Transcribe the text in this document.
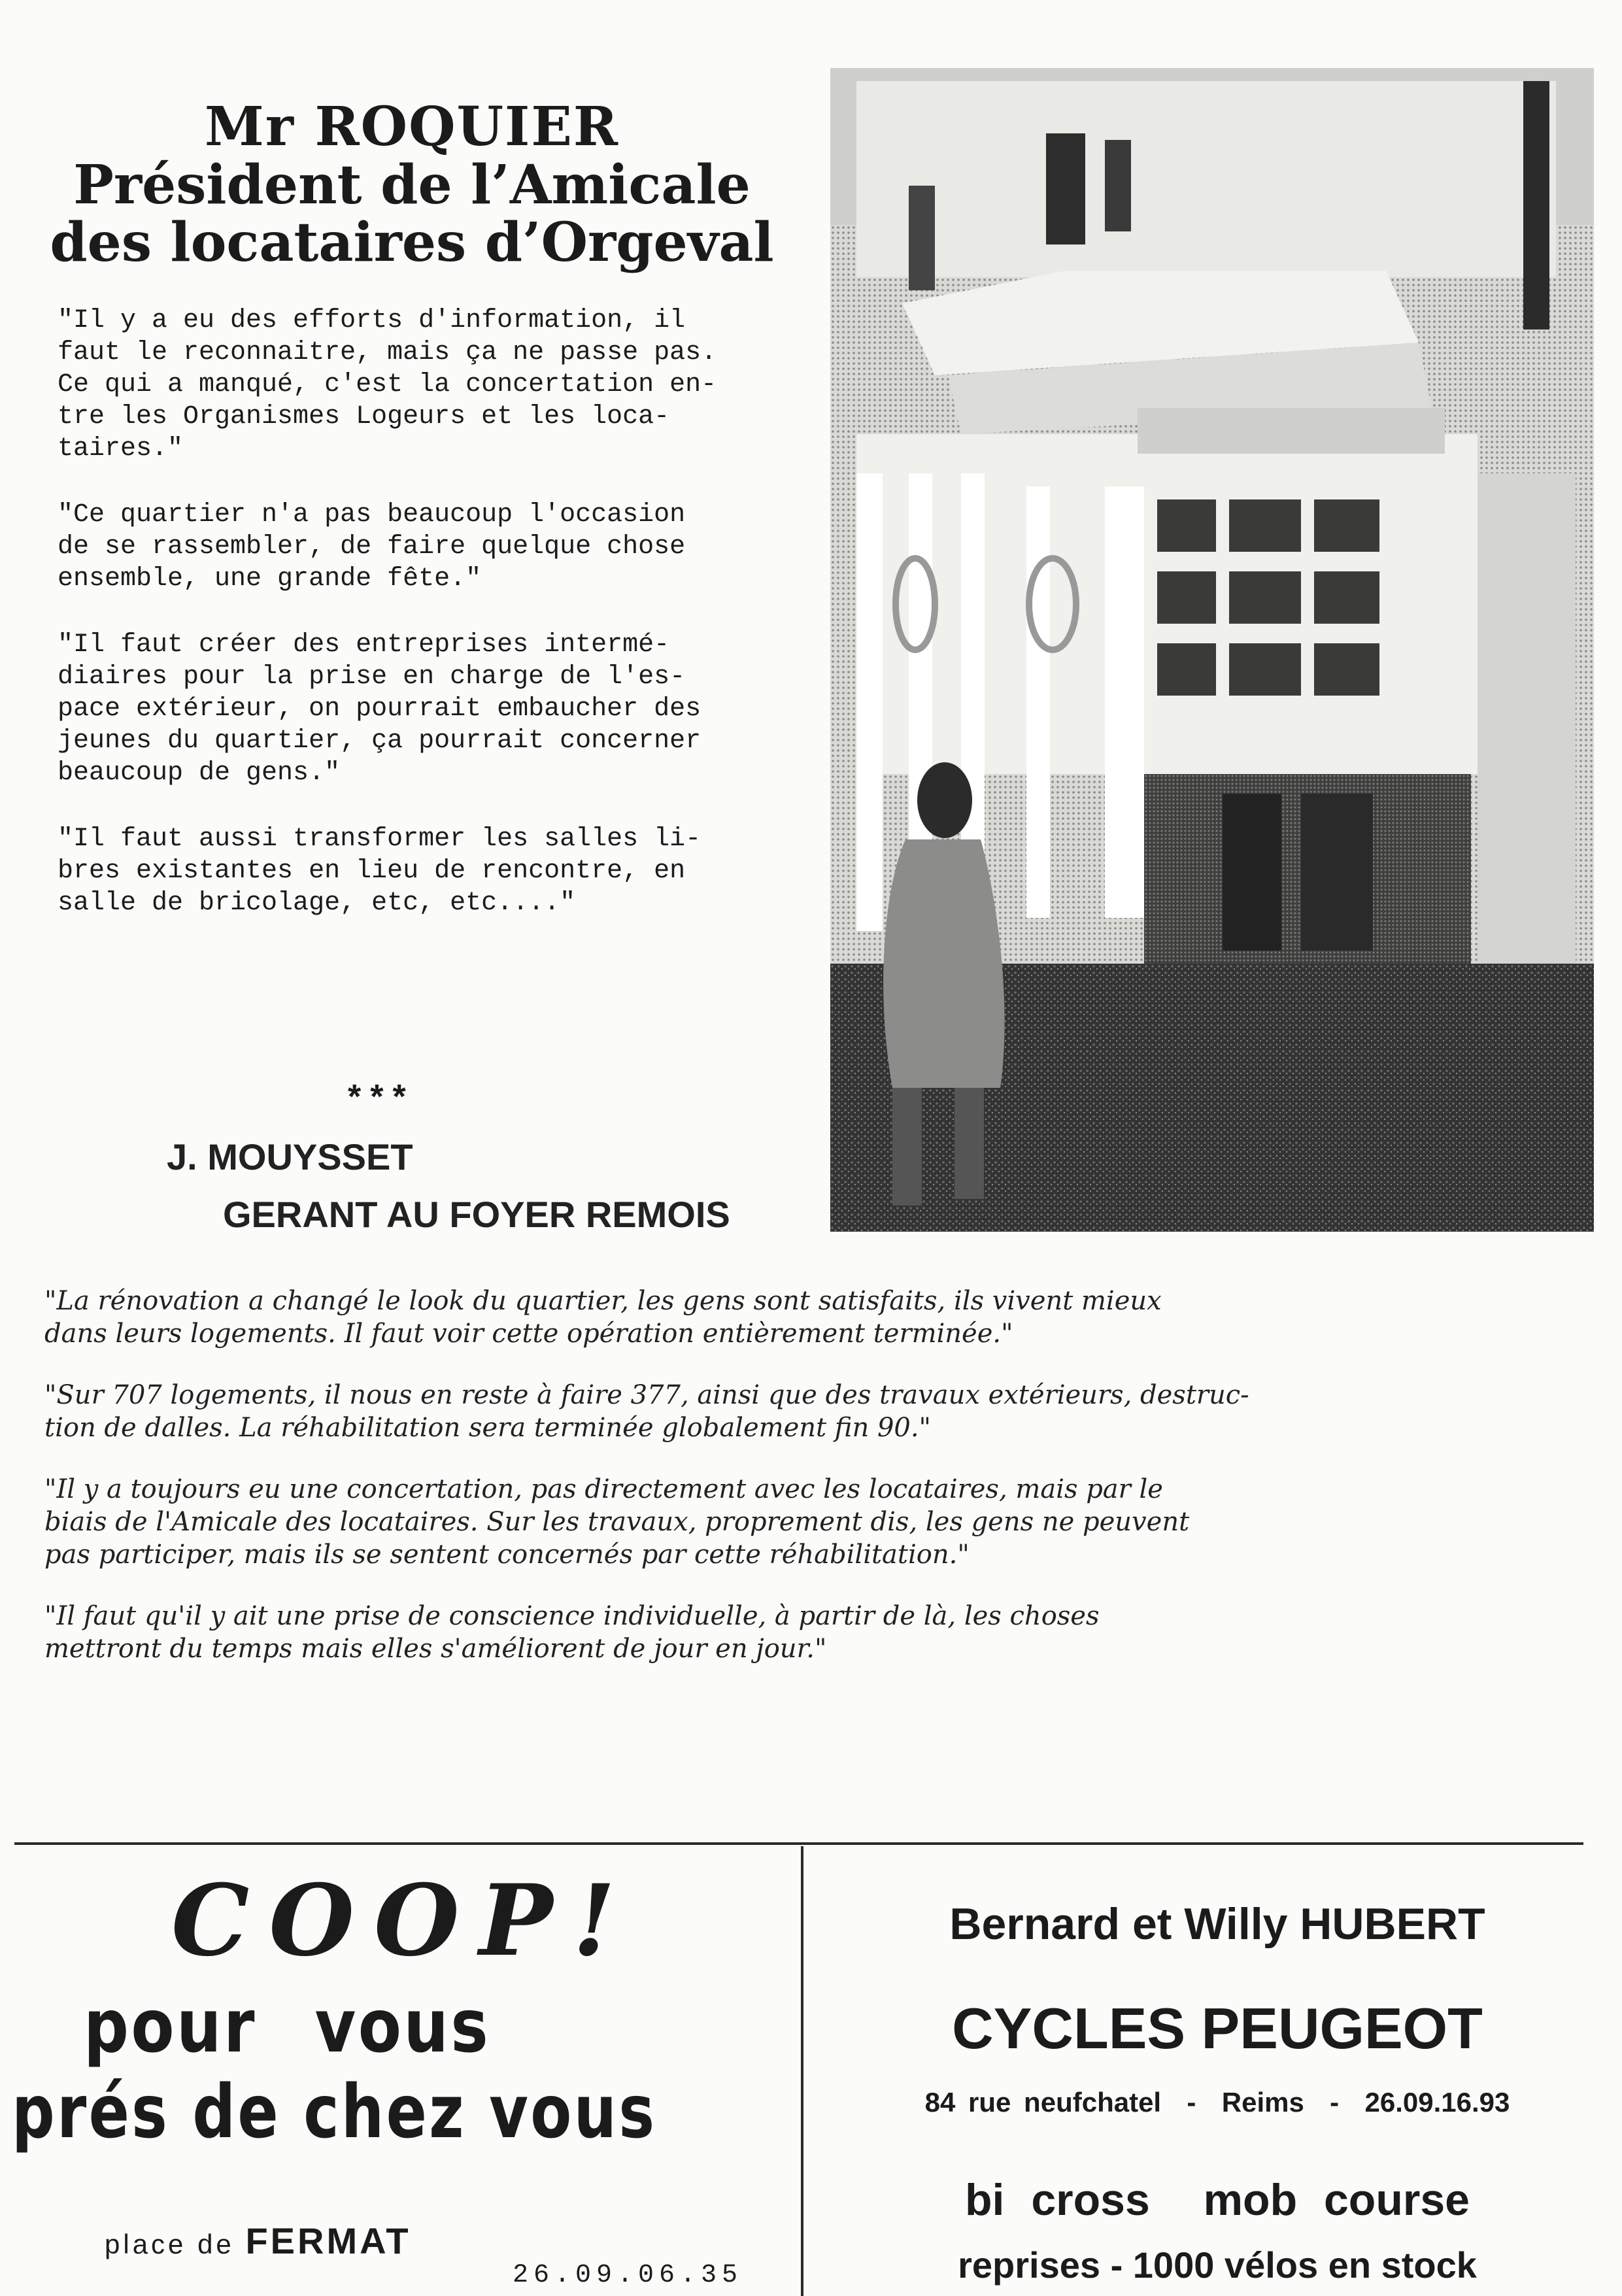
Mr ROQUIER
Président de l’Amicale
des locataires d’Orgeval

"Il y a eu des efforts d'information, il
faut le reconnaitre, mais ça ne passe pas.
Ce qui a manqué, c'est la concertation en-
tre les Organismes Logeurs et les loca-
taires."

"Ce quartier n'a pas beaucoup l'occasion
de se rassembler, de faire quelque chose
ensemble, une grande fête."

"Il faut créer des entreprises intermé-
diaires pour la prise en charge de l'es-
pace extérieur, on pourrait embaucher des
jeunes du quartier, ça pourrait concerner
beaucoup de gens."

"Il faut aussi transformer les salles li-
bres existantes en lieu de rencontre, en
salle de bricolage, etc, etc...."

***
J. MOUYSSET
GERANT AU FOYER REMOIS

"La rénovation a changé le look du quartier, les gens sont satisfaits, ils vivent mieux
dans leurs logements. Il faut voir cette opération entièrement terminée."

"Sur 707 logements, il nous en reste à faire 377, ainsi que des travaux extérieurs, destruc-
tion de dalles. La réhabilitation sera terminée globalement fin 90."

"Il y a toujours eu une concertation, pas directement avec les locataires, mais par le
biais de l'Amicale des locataires. Sur les travaux, proprement dis, les gens ne peuvent
pas participer, mais ils se sentent concernés par cette réhabilitation."

"Il faut qu'il y ait une prise de conscience individuelle, à partir de là, les choses
mettront du temps mais elles s'améliorent de jour en jour."

COOP!
pour vous
prés de chez vous
place de FERMAT
26.09.06.35
Bernard et Willy HUBERT
CYCLES PEUGEOT
84 rue neufchatel  -  Reims  -  26.09.16.93
bi cross  mob course
reprises - 1000 vélos en stock
